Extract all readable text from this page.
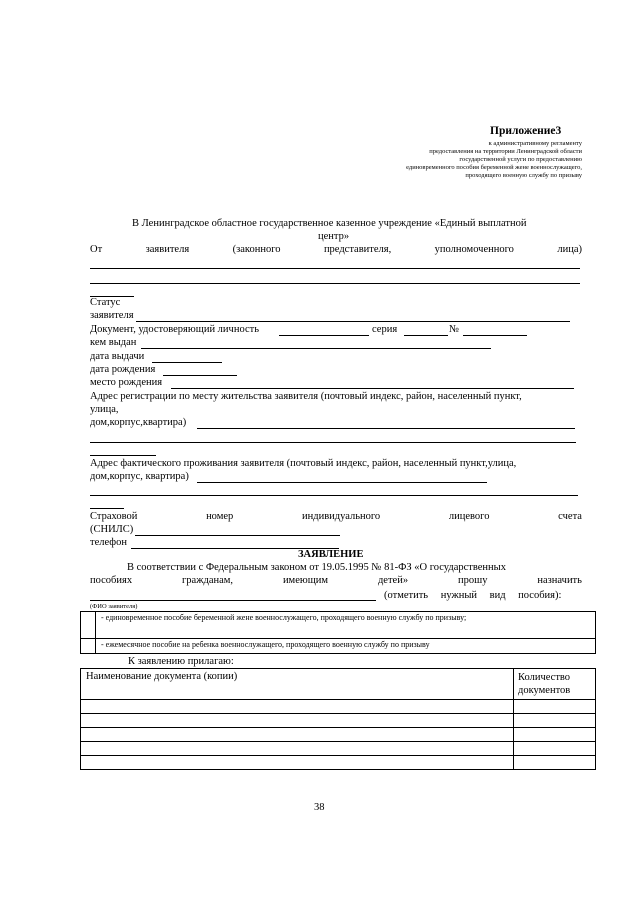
Приложение3
к административному регламенту
предоставления на территории Ленинградской области
государственной услуги по предоставлению
единовременного пособия беременной жене военнослужащего,
проходящего военную службу по призыву
В Ленинградское областное государственное казенное учреждение «Единый выплатной
центр»
От	заявителя	(законного	представителя,	уполномоченного	лица)
Статус
заявителя
Документ, удостоверяющий личность	серия	№
кем выдан
дата выдачи
дата рождения
место рождения
Адрес регистрации по месту жительства заявителя (почтовый индекс, район, населенный пункт,
улица,
дом,корпус,квартира)
Адрес фактического проживания заявителя (почтовый индекс, район, населенный пункт,улица,
дом,корпус, квартира)
Страховой	номер	индивидуального	лицевого	счета
(СНИЛС)
телефон
ЗАЯВЛЕНИЕ
В соответствии с Федеральным законом от 19.05.1995 № 81-ФЗ «О государственных
пособиях	гражданам,	имеющим	детей»	прошу	назначить
(отметить нужный вид пособия):
(ФИО заявителя)

	- единовременное пособие беременной жене военнослужащего, проходящего военную службу по призыву;

	- ежемесячное пособие на ребенка военнослужащего, проходящего военную службу по призыву
К заявлению прилагаю:
Наименование документа (копии)	Количество документов

38
